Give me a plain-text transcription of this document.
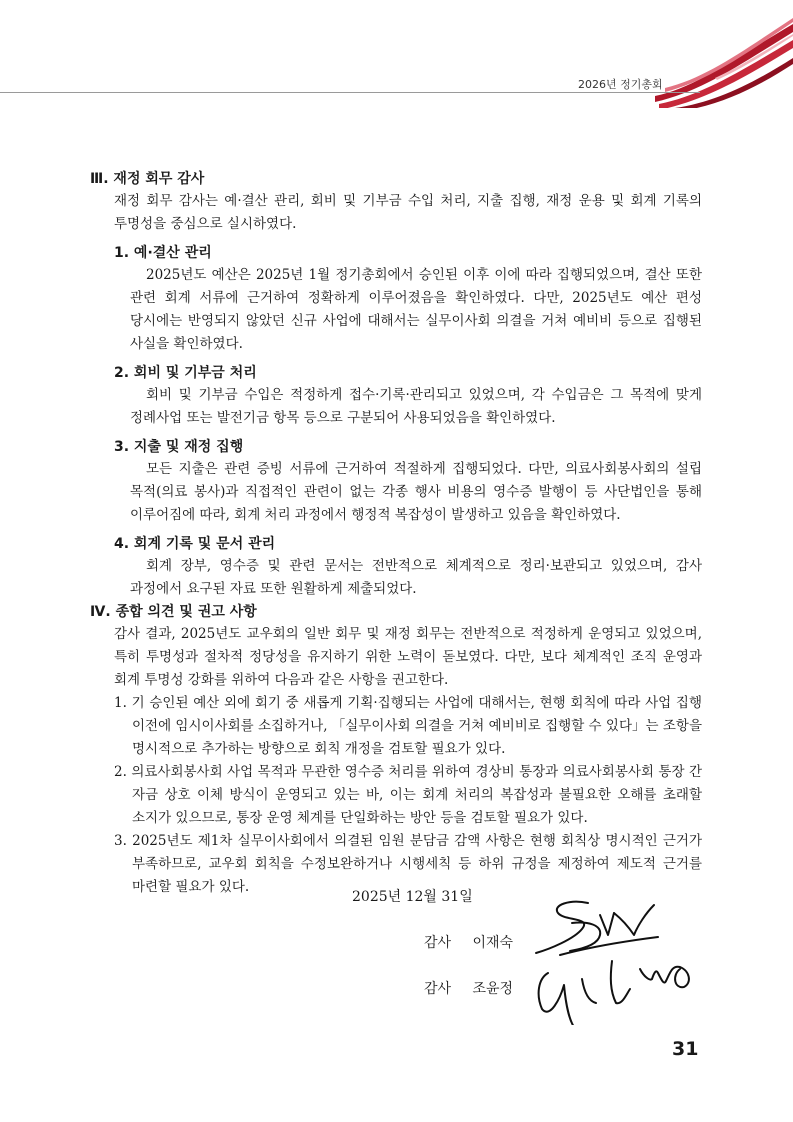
2026년 정기총회
Ⅲ. 재정 회무 감사

재정 회무 감사는 예·결산 관리, 회비 및 기부금 수입 처리, 지출 집행, 재정 운용 및 회계 기록의 투명성을 중심으로 실시하였다.

1. 예·결산 관리

2025년도 예산은 2025년 1월 정기총회에서 승인된 이후 이에 따라 집행되었으며, 결산 또한 관련 회계 서류에 근거하여 정확하게 이루어졌음을 확인하였다. 다만, 2025년도 예산 편성 당시에는 반영되지 않았던 신규 사업에 대해서는 실무이사회 의결을 거쳐 예비비 등으로 집행된 사실을 확인하였다.

2. 회비 및 기부금 처리

회비 및 기부금 수입은 적정하게 접수·기록·관리되고 있었으며, 각 수입금은 그 목적에 맞게 정례사업 또는 발전기금 항목 등으로 구분되어 사용되었음을 확인하였다.

3. 지출 및 재정 집행

모든 지출은 관련 증빙 서류에 근거하여 적절하게 집행되었다. 다만, 의료사회봉사회의 설립 목적(의료 봉사)과 직접적인 관련이 없는 각종 행사 비용의 영수증 발행이 등 사단법인을 통해 이루어짐에 따라, 회계 처리 과정에서 행정적 복잡성이 발생하고 있음을 확인하였다.

4. 회계 기록 및 문서 관리

회계 장부, 영수증 및 관련 문서는 전반적으로 체계적으로 정리·보관되고 있었으며, 감사 과정에서 요구된 자료 또한 원활하게 제출되었다.

Ⅳ. 종합 의견 및 권고 사항

감사 결과, 2025년도 교우회의 일반 회무 및 재정 회무는 전반적으로 적정하게 운영되고 있었으며, 특히 투명성과 절차적 정당성을 유지하기 위한 노력이 돋보였다. 다만, 보다 체계적인 조직 운영과 회계 투명성 강화를 위하여 다음과 같은 사항을 권고한다.

1. 기 승인된 예산 외에 회기 중 새롭게 기획·집행되는 사업에 대해서는, 현행 회칙에 따라 사업 집행 이전에 임시이사회를 소집하거나, 「실무이사회 의결을 거쳐 예비비로 집행할 수 있다」는 조항을 명시적으로 추가하는 방향으로 회칙 개정을 검토할 필요가 있다.
2. 의료사회봉사회 사업 목적과 무관한 영수증 처리를 위하여 경상비 통장과 의료사회봉사회 통장 간 자금 상호 이체 방식이 운영되고 있는 바, 이는 회계 처리의 복잡성과 불필요한 오해를 초래할 소지가 있으므로, 통장 운영 체계를 단일화하는 방안 등을 검토할 필요가 있다.
3. 2025년도 제1차 실무이사회에서 의결된 임원 분담금 감액 사항은 현행 회칙상 명시적인 근거가 부족하므로, 교우회 회칙을 수정보완하거나 시행세칙 등 하위 규정을 제정하여 제도적 근거를 마련할 필요가 있다.
2025년 12월 31일
감사 이재숙
감사 조윤정
31
